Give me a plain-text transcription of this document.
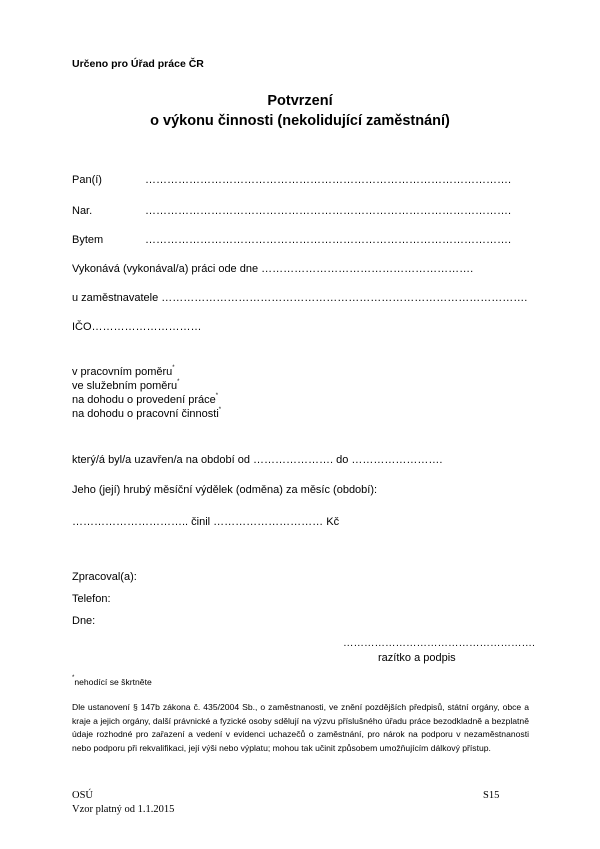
Určeno pro Úřad práce ČR
Potvrzení
o výkonu činnosti (nekolidující zaměstnání)
Pan(í)	……………………………………………………………………………………….
Nar.	……………………………………………………………………………………….
Bytem	……………………………………………………………………………………….
Vykonává (vykonával/a) práci ode dne ………………………………………………….
u zaměstnavatele ……………………………………………………………………………………….
IČO…………………………
v pracovním poměru*
ve služebním poměru*
na dohodu o provedení práce*
na dohodu o pracovní činnosti*
který/á byl/a uzavřen/a na období od …………………. do …………………….
Jeho (její) hrubý měsíční výdělek (odměna) za měsíc (období):
………………………….. činil ………………………… Kč
Zpracoval(a):
Telefon:
Dne:
……………………………………………….
razítko a podpis
*nehodící se škrtněte

Dle ustanovení § 147b zákona č. 435/2004 Sb., o zaměstnanosti, ve znění pozdějších předpisů, státní orgány, obce a kraje a jejich orgány, další právnické a fyzické osoby sdělují na výzvu příslušného úřadu práce bezodkladně a bezplatně údaje rozhodné pro zařazení a vedení v evidenci uchazečů o zaměstnání, pro nárok na podporu v nezaměstnanosti nebo podporu při rekvalifikaci, její výši nebo výplatu; mohou tak učinit způsobem umožňujícím dálkový přístup.

OSÚ
Vzor platný od 1.1.2015
S15
